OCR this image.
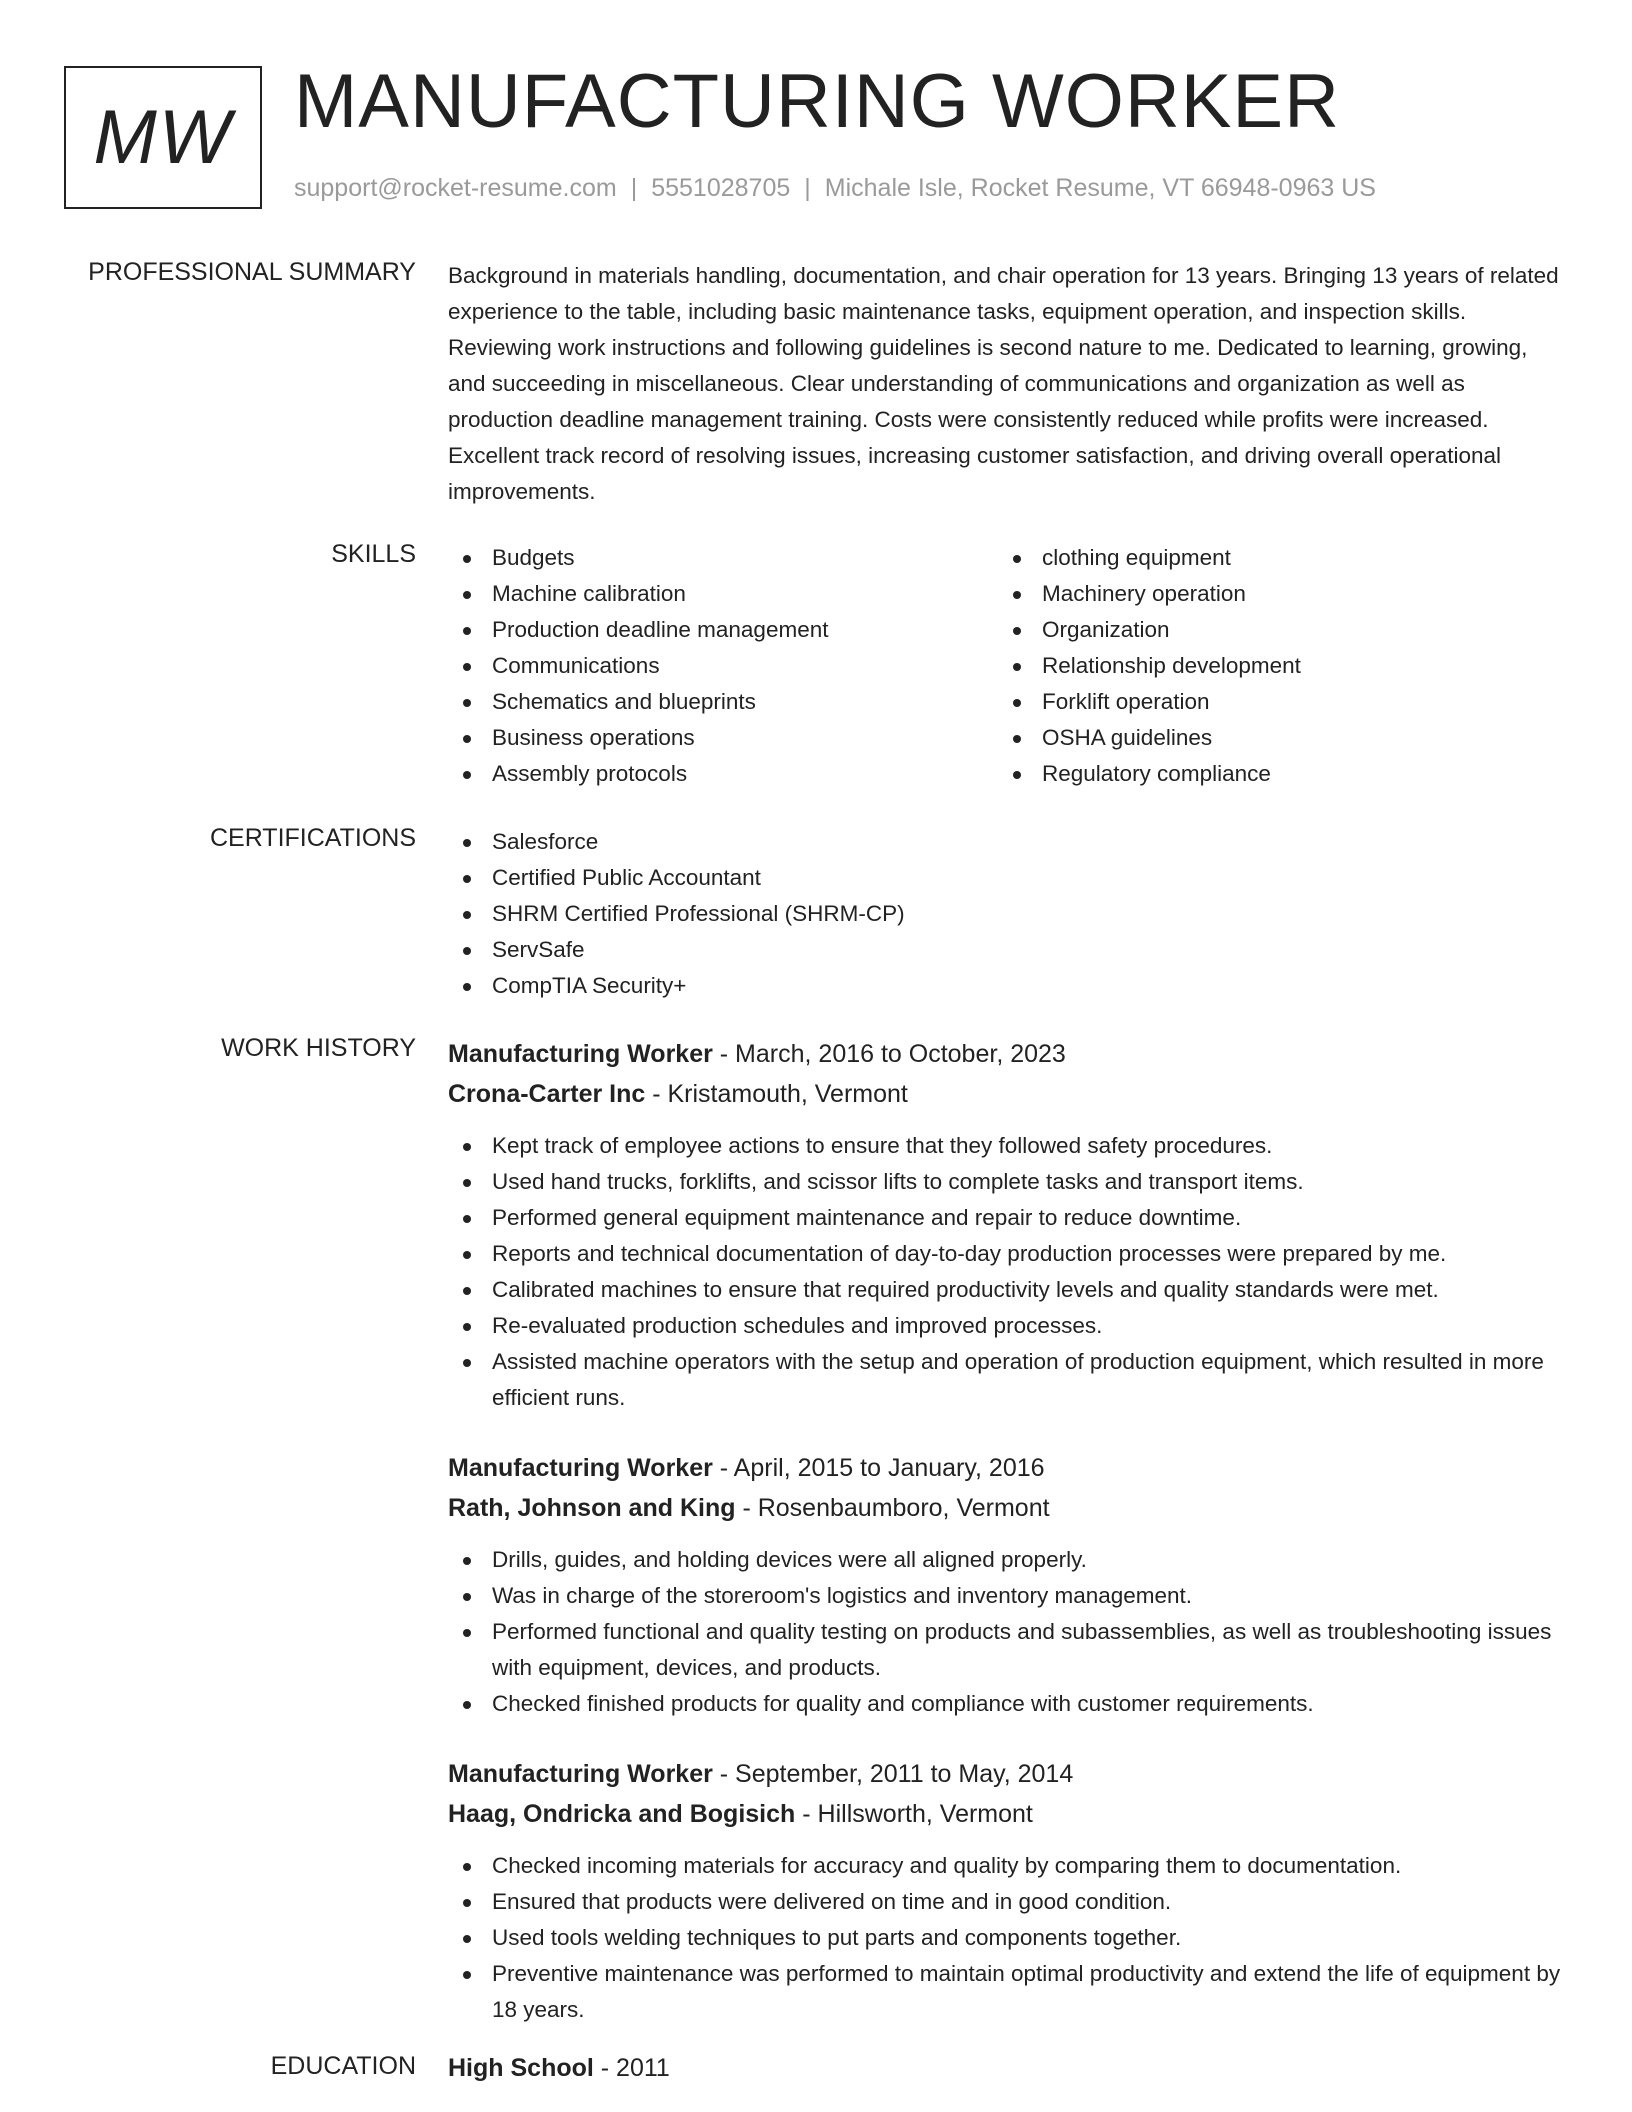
MW MANUFACTURING WORKER
support@rocket-resume.com | 5551028705 | Michale Isle, Rocket Resume, VT 66948-0963 US
PROFESSIONAL SUMMARY Background in materials handling, documentation, and chair operation for 13 years. Bringing 13 years of related experience to the table, including basic maintenance tasks, equipment operation, and inspection skills. Reviewing work instructions and following guidelines is second nature to me. Dedicated to learning, growing, and succeeding in miscellaneous. Clear understanding of communications and organization as well as production deadline management training. Costs were consistently reduced while profits were increased. Excellent track record of resolving issues, increasing customer satisfaction, and driving overall operational improvements.
SKILLS	Budgets
Machine calibration
Production deadline management
Communications
Schematics and blueprints
Business operations
Assembly protocols
clothing equipment
Machinery operation
Organization
Relationship development
Forklift operation
OSHA guidelines
Regulatory compliance
CERTIFICATIONS	Salesforce
Certified Public Accountant
SHRM Certified Professional (SHRM-CP)
ServSafe
CompTIA Security+
WORK HISTORY Manufacturing Worker - March, 2016 to October, 2023
Crona-Carter Inc - Kristamouth, Vermont
Kept track of employee actions to ensure that they followed safety procedures.
Used hand trucks, forklifts, and scissor lifts to complete tasks and transport items.
Performed general equipment maintenance and repair to reduce downtime.
Reports and technical documentation of day-to-day production processes were prepared by me.
Calibrated machines to ensure that required productivity levels and quality standards were met.
Re-evaluated production schedules and improved processes.
Assisted machine operators with the setup and operation of production equipment, which resulted in more efficient runs.
Manufacturing Worker - April, 2015 to January, 2016
Rath, Johnson and King - Rosenbaumboro, Vermont
Drills, guides, and holding devices were all aligned properly.
Was in charge of the storeroom's logistics and inventory management.
Performed functional and quality testing on products and subassemblies, as well as troubleshooting issues with equipment, devices, and products.
Checked finished products for quality and compliance with customer requirements.
Manufacturing Worker - September, 2011 to May, 2014
Haag, Ondricka and Bogisich - Hillsworth, Vermont
Checked incoming materials for accuracy and quality by comparing them to documentation.
Ensured that products were delivered on time and in good condition.
Used tools welding techniques to put parts and components together.
Preventive maintenance was performed to maintain optimal productivity and extend the life of equipment by 18 years.
EDUCATION High School - 2011
